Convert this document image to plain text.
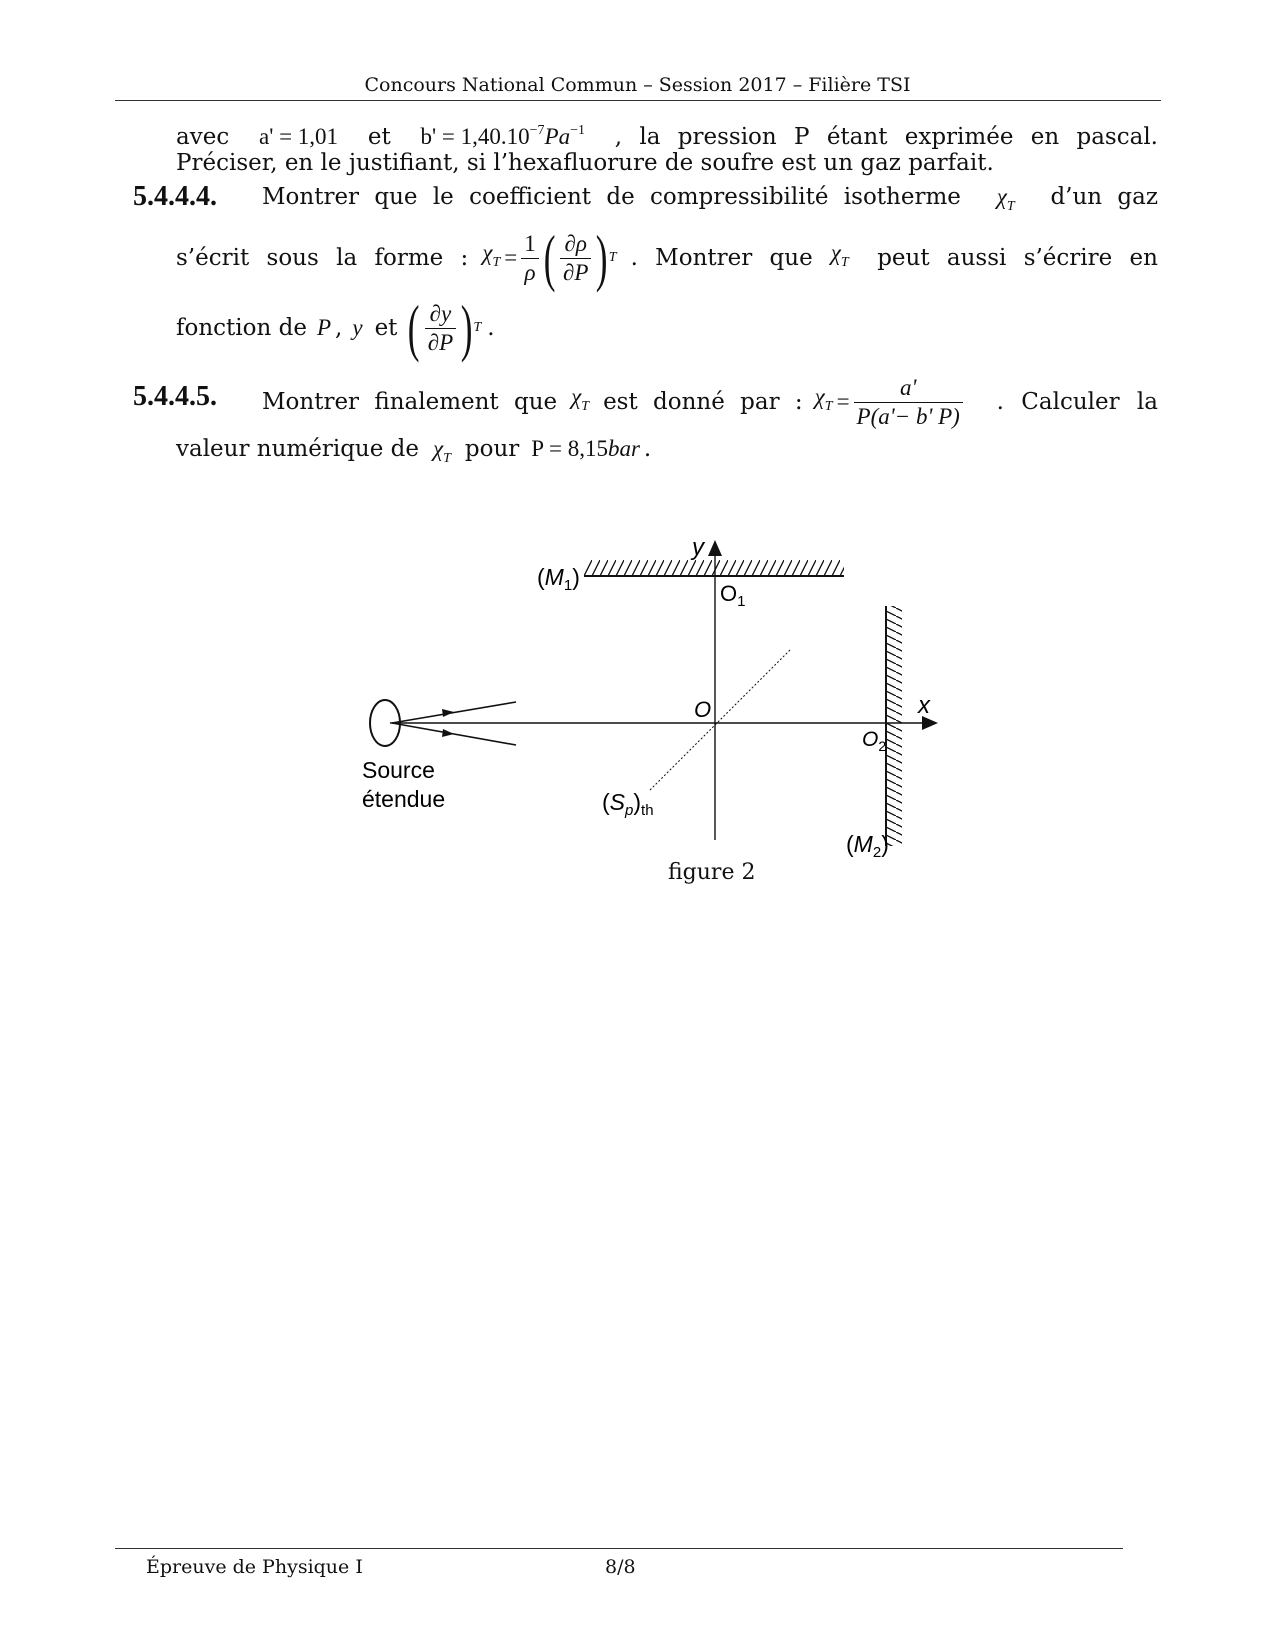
Concours National Commun – Session 2017 – Filière TSI
avec a' = 1,01 et $b' = 1,40.10^{-7}Pa^{-1}$ , la pression P étant exprimée en pascal.
Préciser, en le justifiant, si l’hexafluorure de soufre est un gaz parfait.
5.4.4.4. Montrer que le coefficient de compressibilité isotherme $\chi_T$ d’un gaz
s’écrit sous la forme : $\chi_T = \frac{1}{\rho}$ ( $\frac{\partial\rho}{\partial P}$ ) T . Montrer que $\chi_T$ peut aussi s’écrire en
fonction de P , y et ( $\frac{\partial y}{\partial P}$ ) T .
5.4.4.5. Montrer finalement que $\chi_T$ est donné par : $\chi_T = \frac{a'}{P(a'- b' P)}$ . Calculer la
valeur numérique de $\chi_T$ pour P = 8,15bar .
y
x
$(M_1)$
$O_1$
O
$O_2$
$(M_2)$
$(S_p)_{th}$
Source
étendue
figure 2
Épreuve de Physique I	8/8
